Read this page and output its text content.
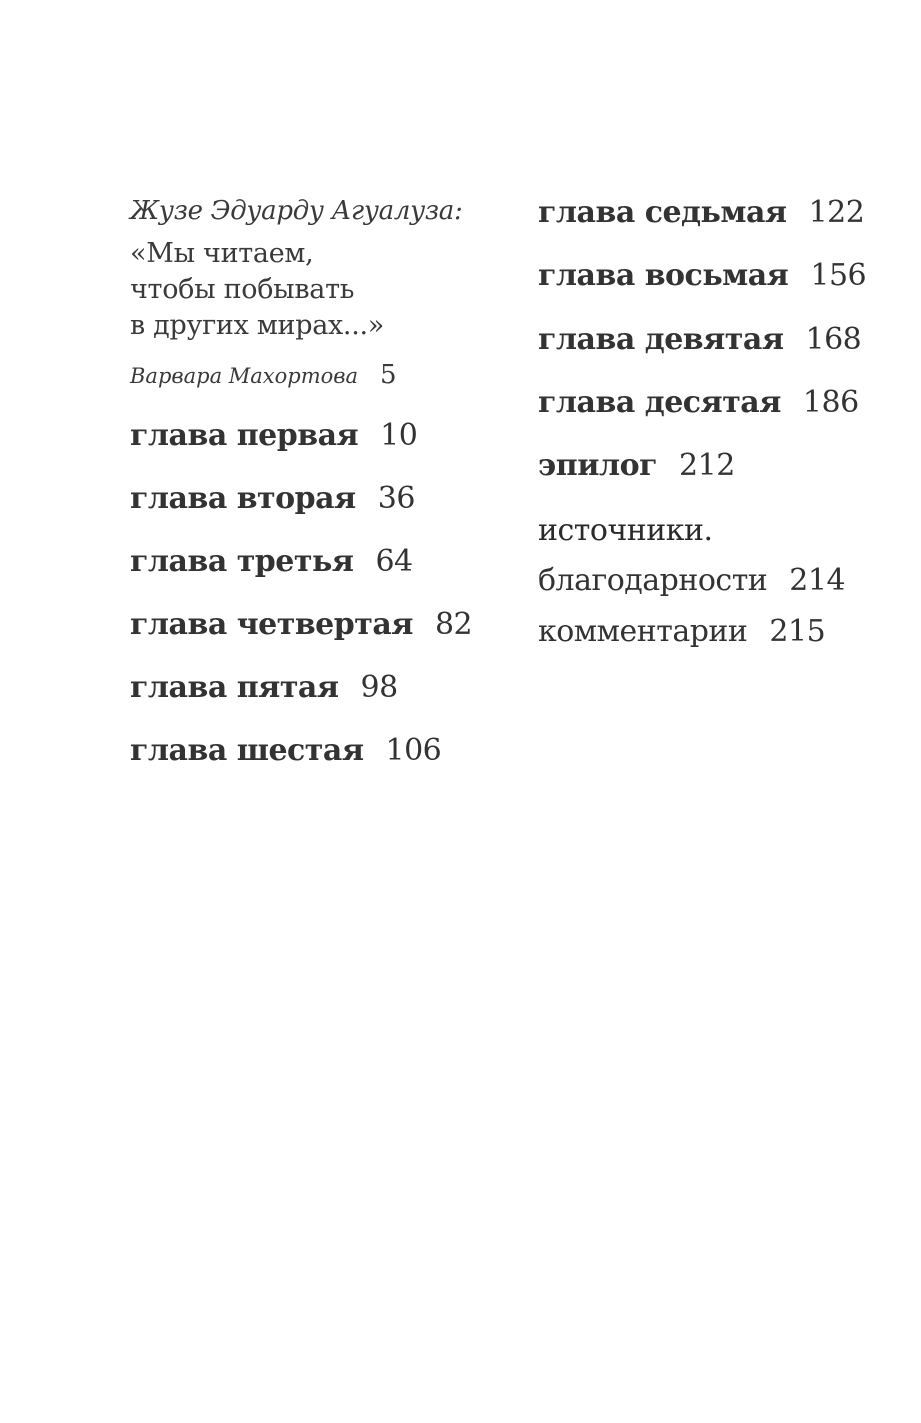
Жузе Эдуарду Агуалуза:
«Мы читаем,
чтобы побывать
в других мирах...»
Варвара Махортова 5
глава первая 10
глава вторая 36
глава третья 64
глава четвертая 82
глава пятая 98
глава шестая 106
глава седьмая 122
глава восьмая 156
глава девятая 168
глава десятая 186
эпилог 212
источники.
благодарности 214
комментарии 215
